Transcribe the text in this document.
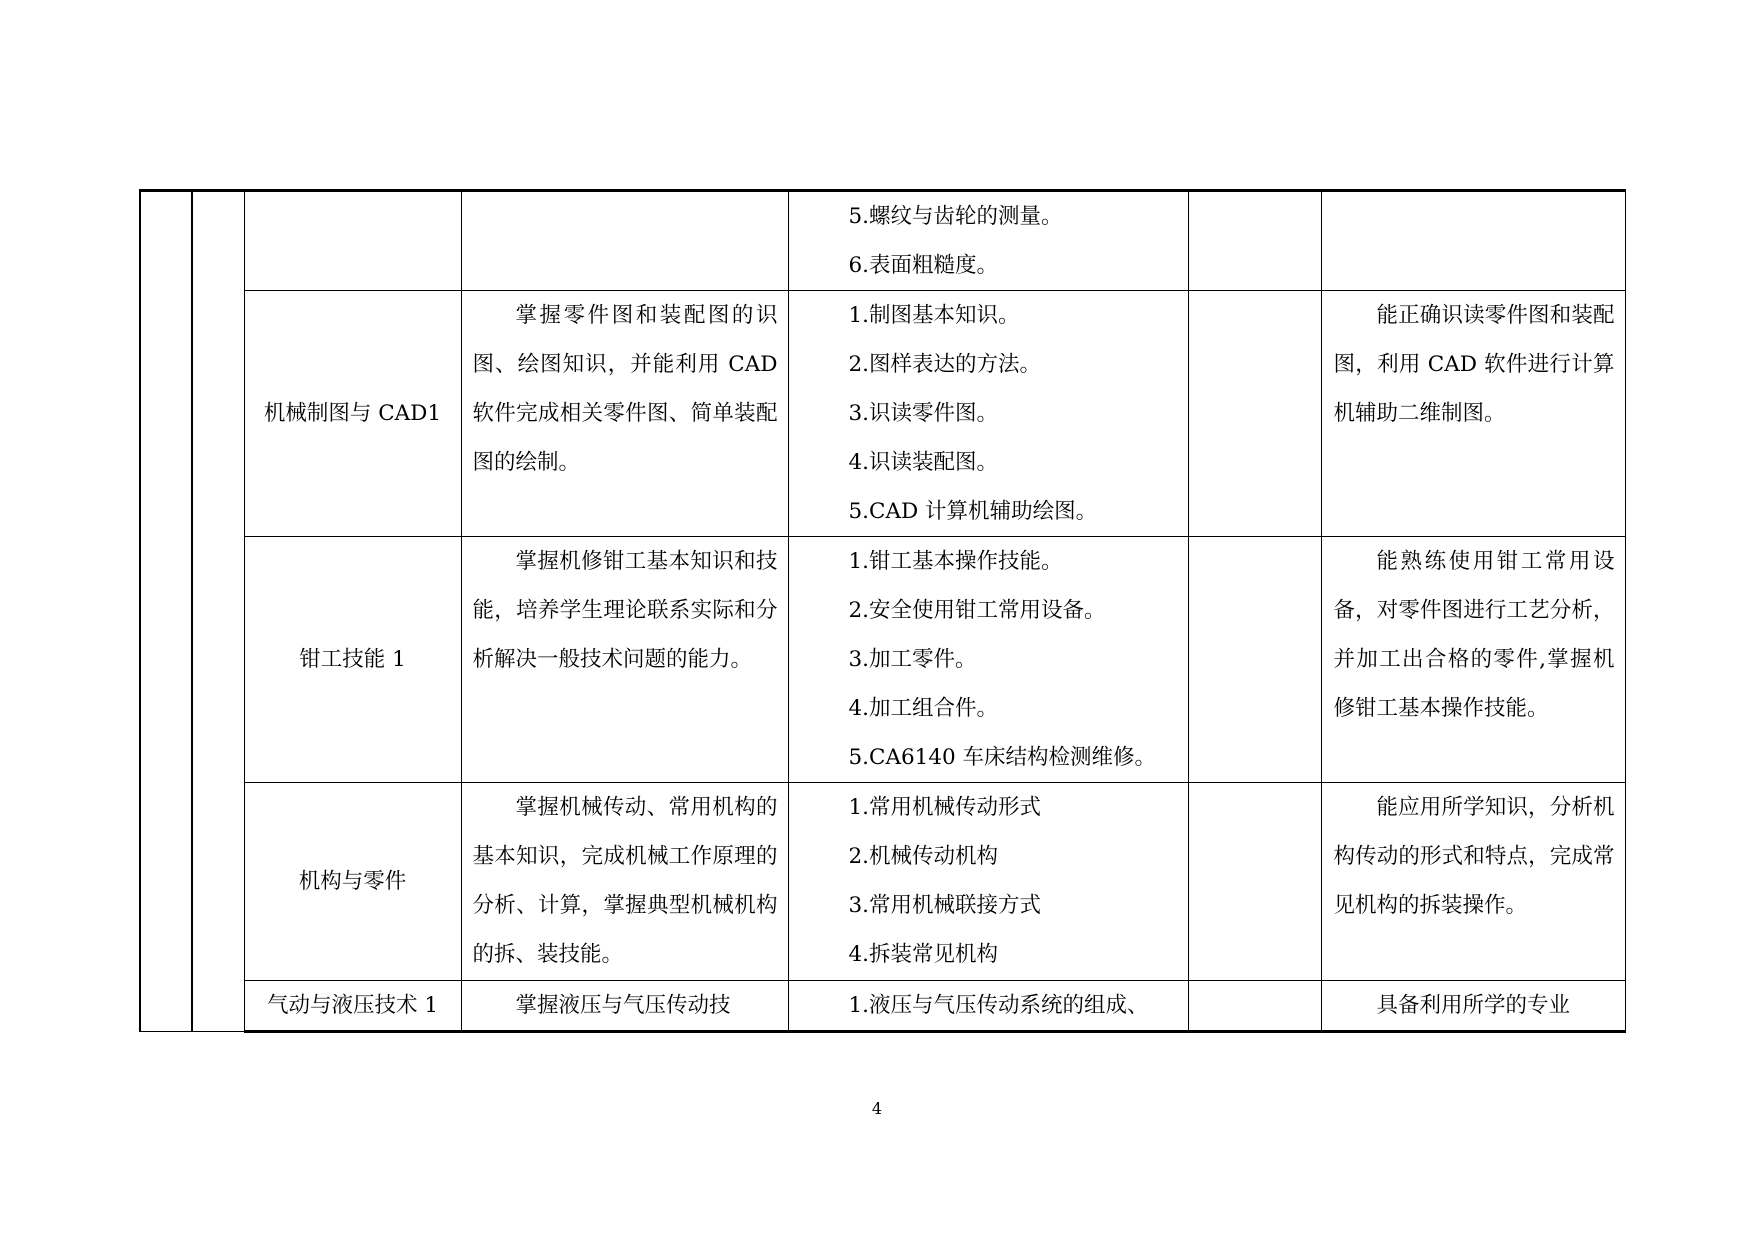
				5.螺纹与齿轮的测量。
6.表面粗糙度。		

		机械制图与 CAD1	掌握零件图和装配图的识图、绘图知识，并能利用 CAD 软件完成相关零件图、简单装配图的绘制。	1.制图基本知识。
2.图样表达的方法。
3.识读零件图。
4.识读装配图。
5.CAD 计算机辅助绘图。		能正确识读零件图和装配图，利用 CAD 软件进行计算机辅助二维制图。
		钳工技能 1	掌握机修钳工基本知识和技能，培养学生理论联系实际和分析解决一般技术问题的能力。	1.钳工基本操作技能。
2.安全使用钳工常用设备。
3.加工零件。
4.加工组合件。
5.CA6140 车床结构检测维修。		能熟练使用钳工常用设备，对零件图进行工艺分析，并加工出合格的零件,掌握机修钳工基本操作技能。
		机构与零件	掌握机械传动、常用机构的基本知识，完成机械工作原理的分析、计算，掌握典型机械机构的拆、装技能。	1.常用机械传动形式
2.机械传动机构
3.常用机械联接方式
4.拆装常见机构		能应用所学知识，分析机构传动的形式和特点，完成常见机构的拆装操作。
		气动与液压技术 1	掌握液压与气压传动技	1.液压与气压传动系统的组成、		具备利用所学的专业
4
